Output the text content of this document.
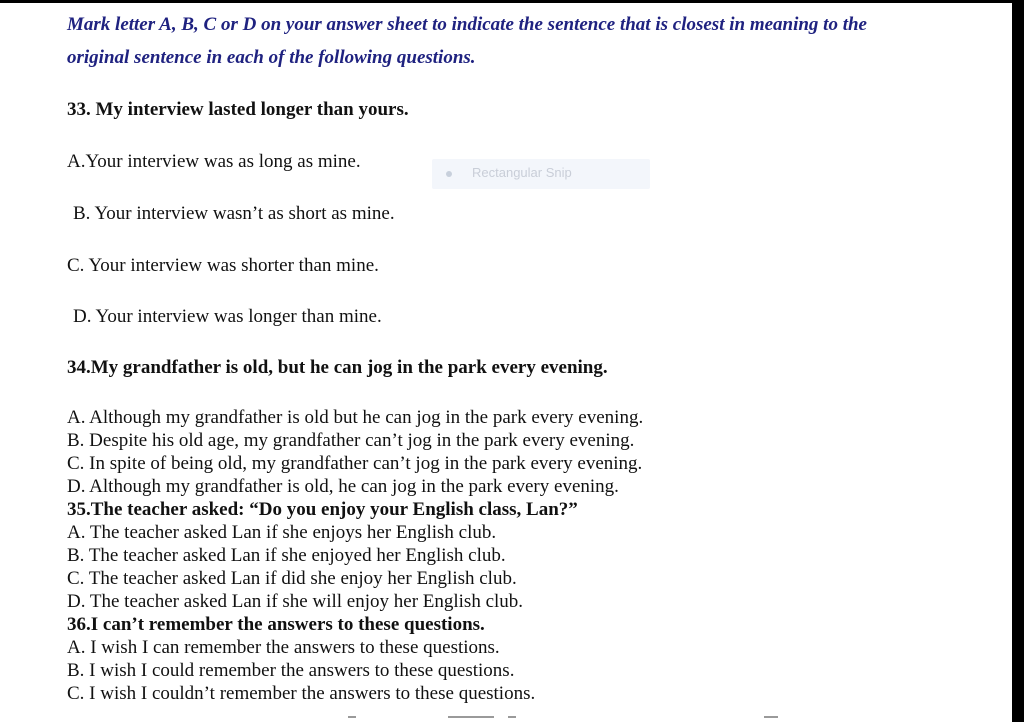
Mark letter A, B, C or D on your answer sheet to indicate the sentence that is closest in meaning to the
original sentence in each of the following questions.
33. My interview lasted longer than yours.
A.Your interview was as long as mine.
B. Your interview wasn’t as short as mine.
C. Your interview was shorter than mine.
D. Your interview was longer than mine.
Rectangular Snip
34.My grandfather is old, but he can jog in the park every evening.
A. Although my grandfather is old but he can jog in the park every evening.
B. Despite his old age, my grandfather can’t jog in the park every evening.
C. In spite of being old, my grandfather can’t jog in the park every evening.
D. Although my grandfather is old, he can jog in the park every evening.
35.The teacher asked: “Do you enjoy your English class, Lan?”
A. The teacher asked Lan if she enjoys her English club.
B. The teacher asked Lan if she enjoyed her English club.
C. The teacher asked Lan if did she enjoy her English club.
D. The teacher asked Lan if she will enjoy her English club.
36.I can’t remember the answers to these questions.
A. I wish I can remember the answers to these questions.
B. I wish I could remember the answers to these questions.
C. I wish I couldn’t remember the answers to these questions.
